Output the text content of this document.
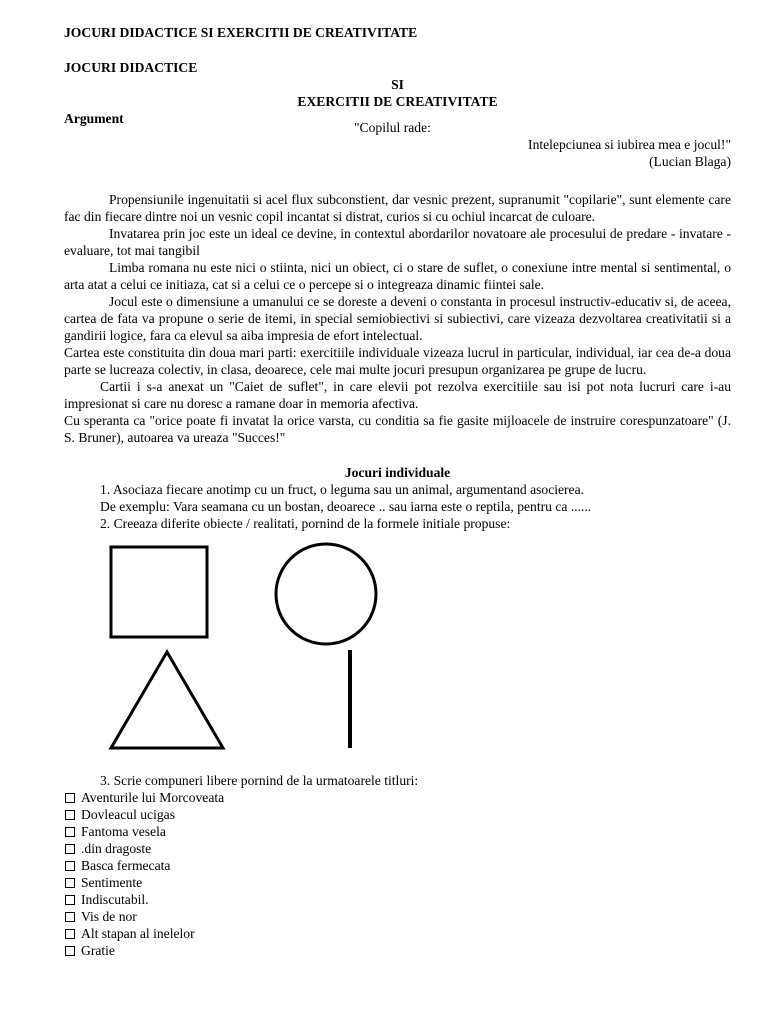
JOCURI DIDACTICE SI EXERCITII DE CREATIVITATE

JOCURI DIDACTICE

SI

EXERCITII DE CREATIVITATE

Argument

"Copilul rade:
Intelepciunea si iubirea mea e jocul!"
(Lucian Blaga)

Propensiunile ingenuitatii si acel flux subconstient, dar vesnic prezent, supranumit "copilarie", sunt elemente care fac din fiecare dintre noi un vesnic copil incantat si distrat, curios si cu ochiul incarcat de culoare.

Invatarea prin joc este un ideal ce devine, in contextul abordarilor novatoare ale procesului de predare - invatare - evaluare, tot mai tangibil

Limba romana nu este nici o stiinta, nici un obiect, ci o stare de suflet, o conexiune intre mental si sentimental, o arta atat a celui ce initiaza, cat si a celui ce o percepe si o integreaza dinamic fiintei sale.

Jocul este o dimensiune a umanului ce se doreste a deveni o constanta in procesul instructiv-educativ si, de aceea, cartea de fata va propune o serie de itemi, in special semiobiectivi si subiectivi, care vizeaza dezvoltarea creativitatii si a gandirii logice, fara ca elevul sa aiba impresia de efort intelectual.

Cartea este constituita din doua mari parti: exercitiile individuale vizeaza lucrul in particular, individual, iar cea de-a doua parte se lucreaza colectiv, in clasa, deoarece, cele mai multe jocuri presupun organizarea pe grupe de lucru.

Cartii i s-a anexat un "Caiet de suflet", in care elevii pot rezolva exercitiile sau isi pot nota lucruri care i-au impresionat si care nu doresc a ramane doar in memoria afectiva.

Cu speranta ca "orice poate fi invatat la orice varsta, cu conditia sa fie gasite mijloacele de instruire corespunzatoare" (J. S. Bruner), autoarea va ureaza "Succes!"

Jocuri individuale

1. Asociaza fiecare anotimp cu un fruct, o leguma sau un animal, argumentand asocierea.

De exemplu: Vara seamana cu un bostan, deoarece .. sau iarna este o reptila, pentru ca ......

2. Creeaza diferite obiecte / realitati, pornind de la formele initiale propuse:

3. Scrie compuneri libere pornind de la urmatoarele titluri:

Aventurile lui Morcoveata
Dovleacul ucigas
Fantoma vesela
.din dragoste
Basca fermecata
Sentimente
Indiscutabil.
Vis de nor
Alt stapan al inelelor
Gratie
